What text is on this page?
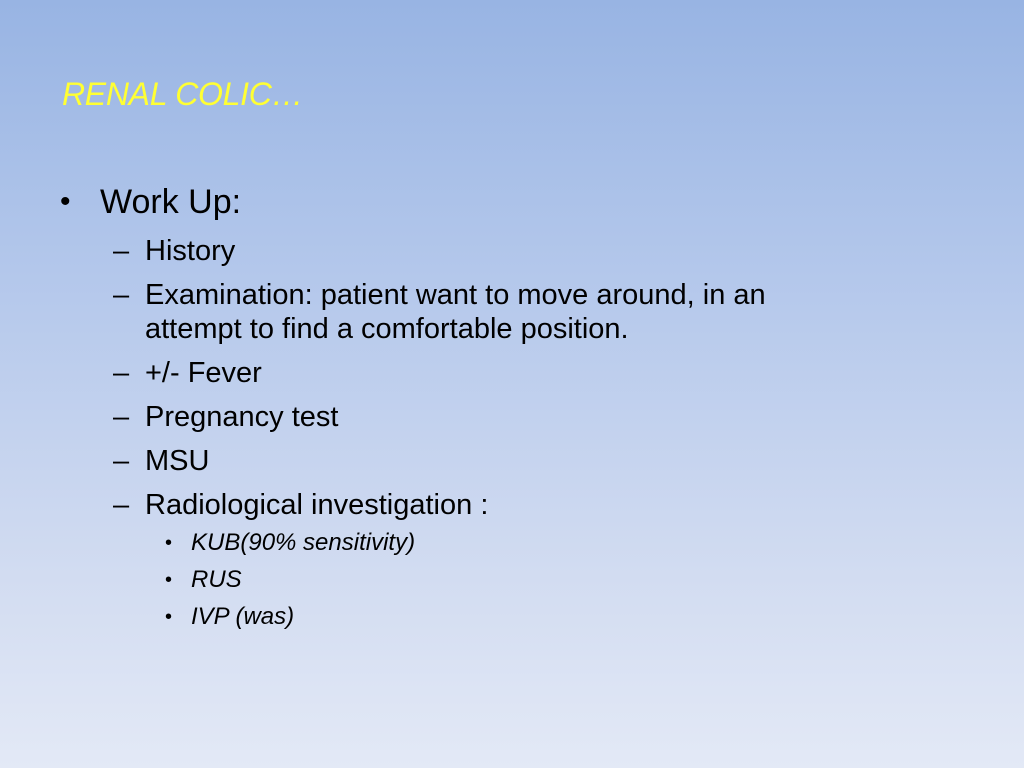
RENAL COLIC…
• Work Up:
– History
– Examination: patient want to move around, in an attempt to find a comfortable position.
– +/- Fever
– Pregnancy test
– MSU
– Radiological investigation :
• KUB(90% sensitivity)
• RUS
• IVP (was)
